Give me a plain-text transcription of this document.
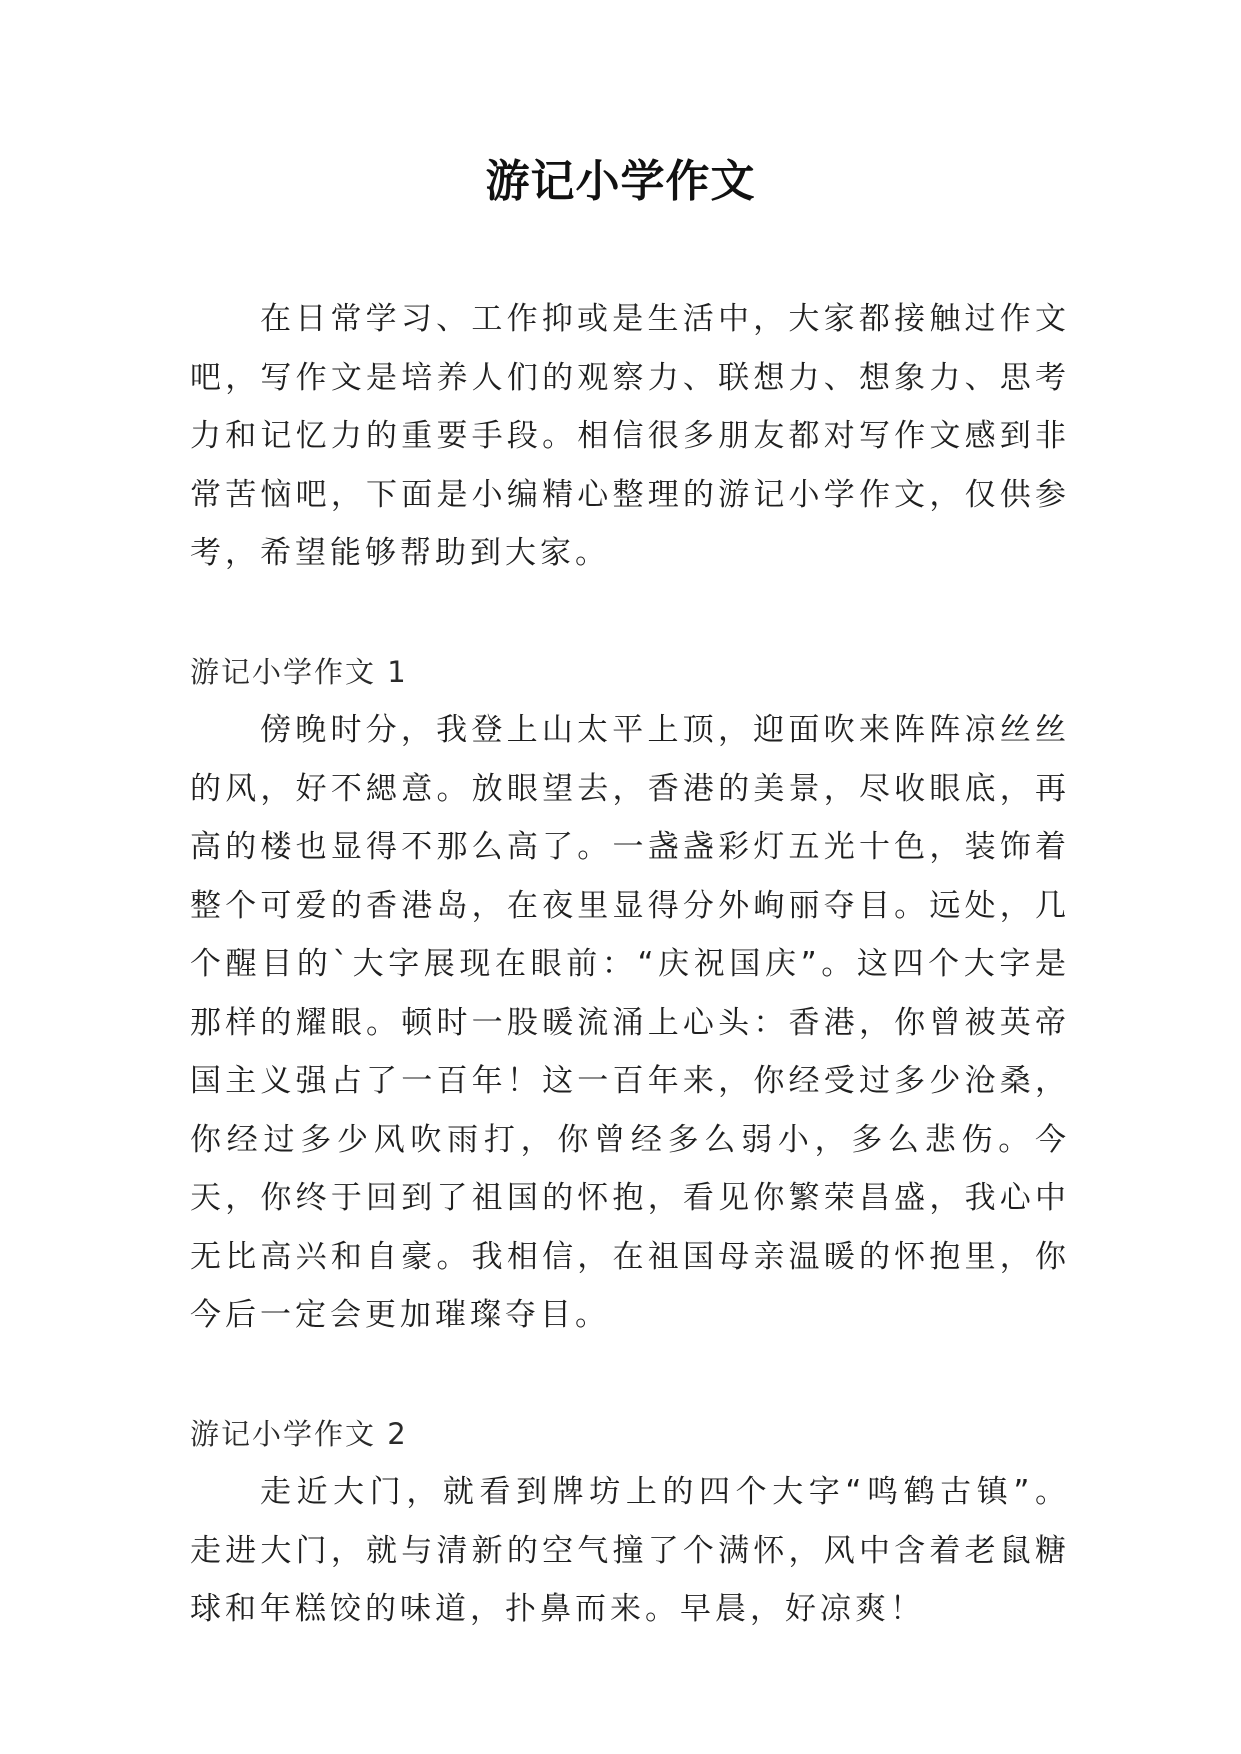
游记小学作文

在日常学习、工作抑或是生活中，大家都接触过作文吧，写作文是培养人们的观察力、联想力、想象力、思考力和记忆力的重要手段。相信很多朋友都对写作文感到非常苦恼吧，下面是小编精心整理的游记小学作文，仅供参考，希望能够帮助到大家。

游记小学作文 1

傍晚时分，我登上山太平上顶，迎面吹来阵阵凉丝丝的风，好不緦意。放眼望去，香港的美景，尽收眼底，再高的楼也显得不那么高了。一盏盏彩灯五光十色，装饰着整个可爱的香港岛，在夜里显得分外峋丽夺目。远处，几个醒目的`大字展现在眼前：“庆祝国庆”。这四个大字是那样的耀眼。顿时一股暖流涌上心头：香港，你曾被英帝国主义强占了一百年！这一百年来，你经受过多少沧桑，你经过多少风吹雨打，你曾经多么弱小，多么悲伤。今天，你终于回到了祖国的怀抱，看见你繁荣昌盛，我心中无比高兴和自豪。我相信，在祖国母亲温暖的怀抱里，你今后一定会更加璀璨夺目。

游记小学作文 2

走近大门，就看到牌坊上的四个大字“鸣鹤古镇”。走进大门，就与清新的空气撞了个满怀，风中含着老鼠糖球和年糕饺的味道，扑鼻而来。早晨，好凉爽！
